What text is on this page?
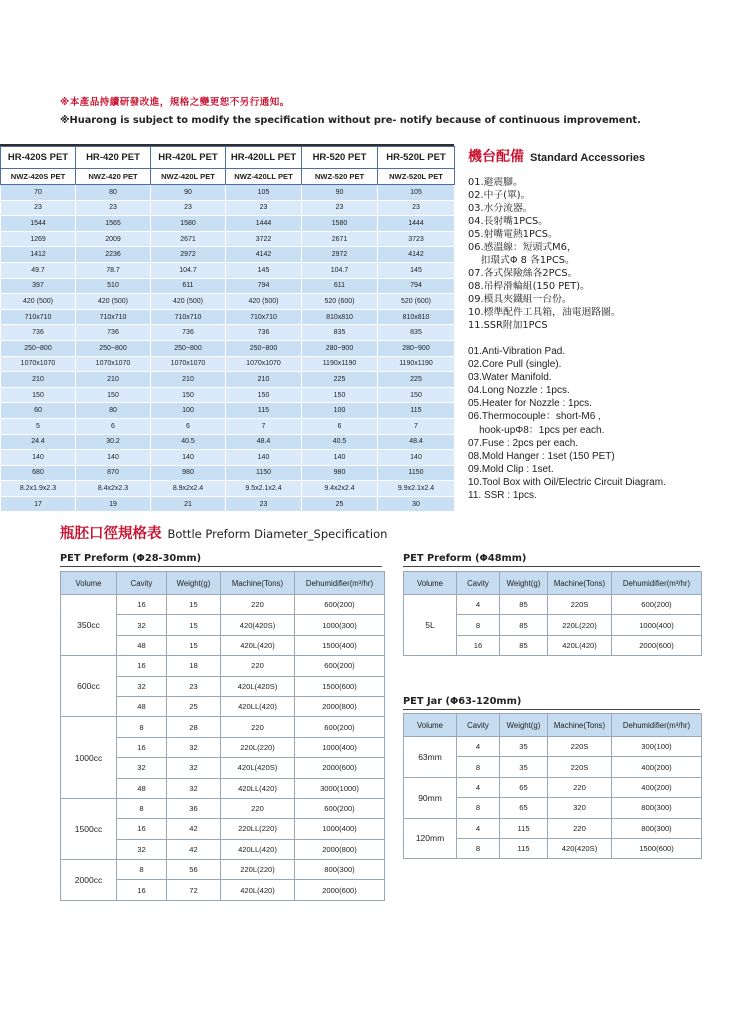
※本產品持續研發改進，規格之變更恕不另行通知。
※Huarong is subject to modify the specification without pre- notify because of continuous improvement.
HR-420S PET	HR-420 PET	HR-420L PET	HR-420LL PET	HR-520 PET	HR-520L PET
NWZ-420S PET	NWZ-420 PET	NWZ-420L PET	NWZ-420LL PET	NWZ-520 PET	NWZ-520L PET
70	80	90	105	90	105
23	23	23	23	23	23
1544	1565	1580	1444	1580	1444
1269	2009	2671	3722	2671	3723
1412	2236	2972	4142	2972	4142
49.7	78.7	104.7	145	104.7	145
397	510	611	794	611	794
420 (500)	420 (500)	420 (500)	420 (500)	520 (600)	520 (600)
710x710	710x710	710x710	710x710	810x810	810x810
736	736	736	736	835	835
250~800	250~800	250~800	250~800	280~900	280~900
1070x1070	1070x1070	1070x1070	1070x1070	1190x1190	1190x1190
210	210	210	210	225	225
150	150	150	150	150	150
60	80	100	115	100	115
5	6	6	7	6	7
24.4	30.2	40.5	48.4	40.5	48.4
140	140	140	140	140	140
680	870	980	1150	980	1150
8.2x1.9x2.3	8.4x2x2.3	8.9x2x2.4	9.5x2.1x2.4	9.4x2x2.4	9.9x2.1x2.4
17	19	21	23	25	30
機台配備 Standard Accessories
01.避震腳。
02.中子(單)。
03.水分流器。
04.長射嘴1PCS。
05.射嘴電熱1PCS。
06.感溫線：短頭式M6，
扣環式Φ 8 各1PCS。
07.各式保險絲各2PCS。
08.吊桿滑輪組(150 PET)。
09.模具夾鐵組一台份。
10.標準配件工具箱，油電迴路圖。
11.SSR附加1PCS
01.Anti-Vibration Pad.
02.Core Pull (single).
03.Water Manifold.
04.Long Nozzle : 1pcs.
05.Heater for Nozzle : 1pcs.
06.Thermocouple：short-M6 ,
hook-upΦ8：1pcs per each.
07.Fuse : 2pcs per each.
08.Mold Hanger : 1set (150 PET)
09.Mold Clip : 1set.
10.Tool Box with Oil/Electric Circuit Diagram.
11. SSR : 1pcs.
瓶胚口徑規格表 Bottle Preform Diameter_Specification
PET Preform (Φ28-30mm)
Volume	Cavity	Weight(g)	Machine(Tons)	Dehumidifier(m³/hr)
350cc	16	15	220	600(200)
	32	15	420(420S)	1000(300)
	48	15	420L(420)	1500(400)
600cc	16	18	220	600(200)
	32	23	420L(420S)	1500(600)
	48	25	420LL(420)	2000(800)
1000cc	8	28	220	600(200)
	16	32	220L(220)	1000(400)
	32	32	420L(420S)	2000(600)
	48	32	420LL(420)	3000(1000)
1500cc	8	36	220	600(200)
	16	42	220LL(220)	1000(400)
	32	42	420LL(420)	2000(800)
2000cc	8	56	220L(220)	800(300)
	16	72	420L(420)	2000(600)
PET Preform (Φ48mm)
Volume	Cavity	Weight(g)	Machine(Tons)	Dehumidifier(m³/hr)
5L	4	85	220S	600(200)
	8	85	220L(220)	1000(400)
	16	85	420L(420)	2000(600)
PET Jar (Φ63-120mm)
Volume	Cavity	Weight(g)	Machine(Tons)	Dehumidifier(m³/hr)
63mm	4	35	220S	300(100)
	8	35	220S	400(200)
90mm	4	65	220	400(200)
	8	65	320	800(300)
120mm	4	115	220	800(300)
	8	115	420(420S)	1500(600)
